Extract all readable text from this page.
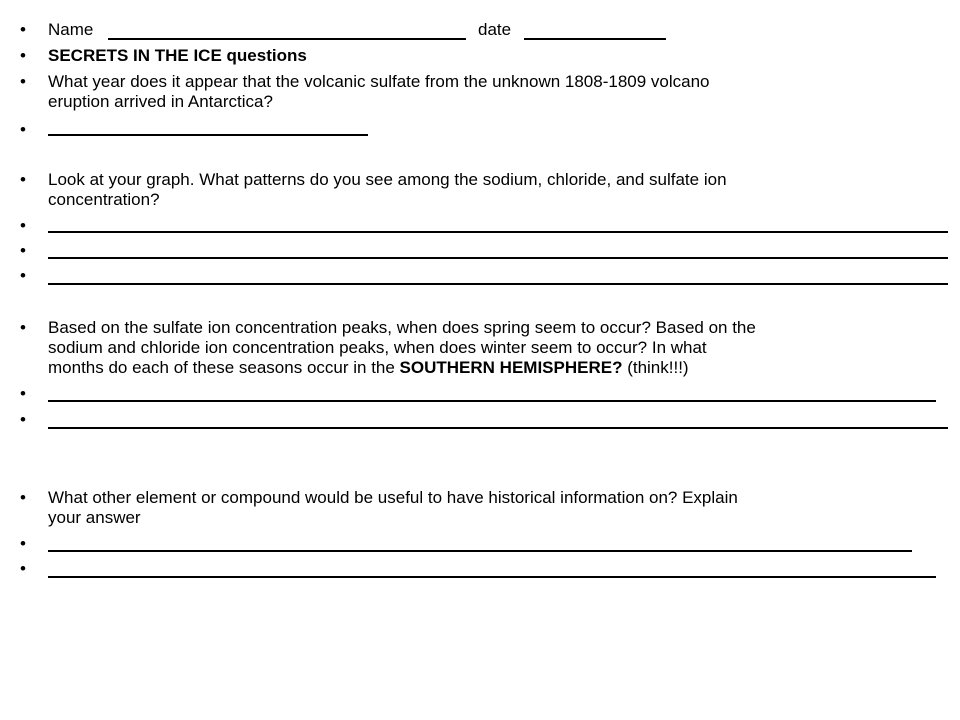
• Name	date
• SECRETS IN THE ICE questions
• What year does it appear that the volcanic sulfate from the unknown 1808-1809 volcano
eruption arrived in Antarctica?
•
• Look at your graph. What patterns do you see among the sodium, chloride, and sulfate ion
concentration?
•
•
•
• Based on the sulfate ion concentration peaks, when does spring seem to occur? Based on the
sodium and chloride ion concentration peaks, when does winter seem to occur? In what
months do each of these seasons occur in the SOUTHERN HEMISPHERE? (think!!!)
•
•
• What other element or compound would be useful to have historical information on? Explain
your answer
•
•
